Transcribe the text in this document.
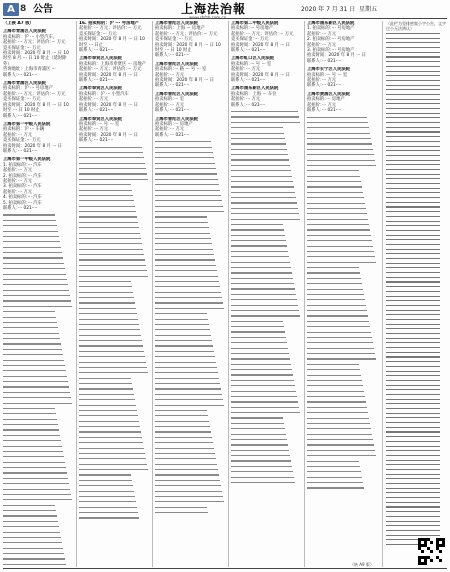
A 8 公告	上海法治報	2020 年 7 月 31 日 星期五
（上接 A7 版）
上海市青浦区人民法院
拍卖标的：沪 ··· 小型汽车。
起拍价：··· 万元；评估价：··· 万元
竞买保证金：··· 万元
拍卖时间：2020 年 8 月 ··· 日 10 时至 8 月 ··· 日 10 时止（延时除外）
咨询地址：上海市青浦区 ···
联系人：··· 021-···
上海市青浦区人民法院
拍卖标的：沪 ··· 号房地产
起拍价：··· 万元；评估价：··· 万元
竞买保证金：··· 万元
拍卖时间：2020 年 8 月 ··· 日 10 时至 ··· 日 10 时止
联系人：··· 021-···
上海市第一中级人民法院
拍卖标的：沪 ··· 车辆
起拍价：··· 万元
竞买保证金：··· 万元
拍卖时间：2020 年 8 月 ··· 日
联系人：··· 021-···
上海市第一中级人民法院
1. 拍卖标的：··· 汽车
起拍价：··· 万元
2. 拍卖标的：··· 汽车
起拍价：··· 万元
3. 拍卖标的：··· 汽车
起拍价：··· 万元
4. 拍卖标的：··· 汽车
5. 拍卖标的：··· 汽车
联系人：··· 021-···
16. 拍卖标的：沪 ··· 号房地产
起拍价：··· 万元；评估价：··· 万元
竞买保证金：··· 万元
拍卖时间：2020 年 8 月 ··· 日 10 时至 ··· 日止
联系人：··· 021-···
上海市奉贤区人民法院
拍卖标的：上海市奉贤区 ··· 房地产
起拍价：··· 万元；评估价：··· 万元
拍卖时间：2020 年 8 月 ··· 日
联系人：··· 021-···
上海市奉贤区人民法院
拍卖标的：沪 ··· 小型汽车
起拍价：··· 万元
拍卖时间：2020 年 8 月 ··· 日
联系人：··· 021-···
上海市奉贤区人民法院
拍卖标的：··· 号 ··· 室
起拍价：··· 万元
拍卖时间：2020 年 8 月 ··· 日
联系人：··· 021-···
上海市普陀区人民法院
拍卖标的：上海 ··· 房地产
起拍价：··· 万元；评估价：··· 万元
竞买保证金：··· 万元
拍卖时间：2020 年 8 月 ··· 日 10 时至 ··· 日 10 时止
联系人：··· 021-···
上海市普陀区人民法院
拍卖标的：··· 路 ··· 号 ··· 室
起拍价：··· 万元
拍卖时间：2020 年 8 月 ··· 日
联系人：··· 021-···
上海市普陀区人民法院
拍卖标的：··· 室
起拍价：··· 万元
联系人：··· 021-···
上海市普陀区人民法院
拍卖标的：··· 房地产
起拍价：··· 万元
联系人：··· 021-···
上海市第二中级人民法院
拍卖标的：··· 号房地产
起拍价：··· 万元；评估价：··· 万元
竞买保证金：··· 万元
拍卖时间：2020 年 8 月 ··· 日
联系人：··· 021-···
上海市虹口区人民法院
拍卖标的：··· 号 ··· 室
起拍价：··· 万元
拍卖时间：2020 年 8 月 ··· 日
联系人：··· 021-···
上海市浦东新区人民法院
拍卖标的：上海 ··· 车位
起拍价：··· 万元
联系人：··· 021-···
上海市浦东新区人民法院
1. 拍卖标的：··· 号房地产
起拍价：··· 万元
2. 拍卖标的：··· 号房地产
起拍价：··· 万元
3. 拍卖标的：··· 号房地产
拍卖时间：2020 年 8 月 ··· 日
联系人：··· 021-···
上海市长宁区人民法院
拍卖标的：··· 号 ··· 室
起拍价：··· 万元
联系人：··· 021-···
上海市黄浦区人民法院
拍卖标的：··· 房地产
起拍价：··· 万元
联系人：··· 021-···
（此栏为竖排密集小字公告，文字过小无法辨认）
（转 A9 版）
